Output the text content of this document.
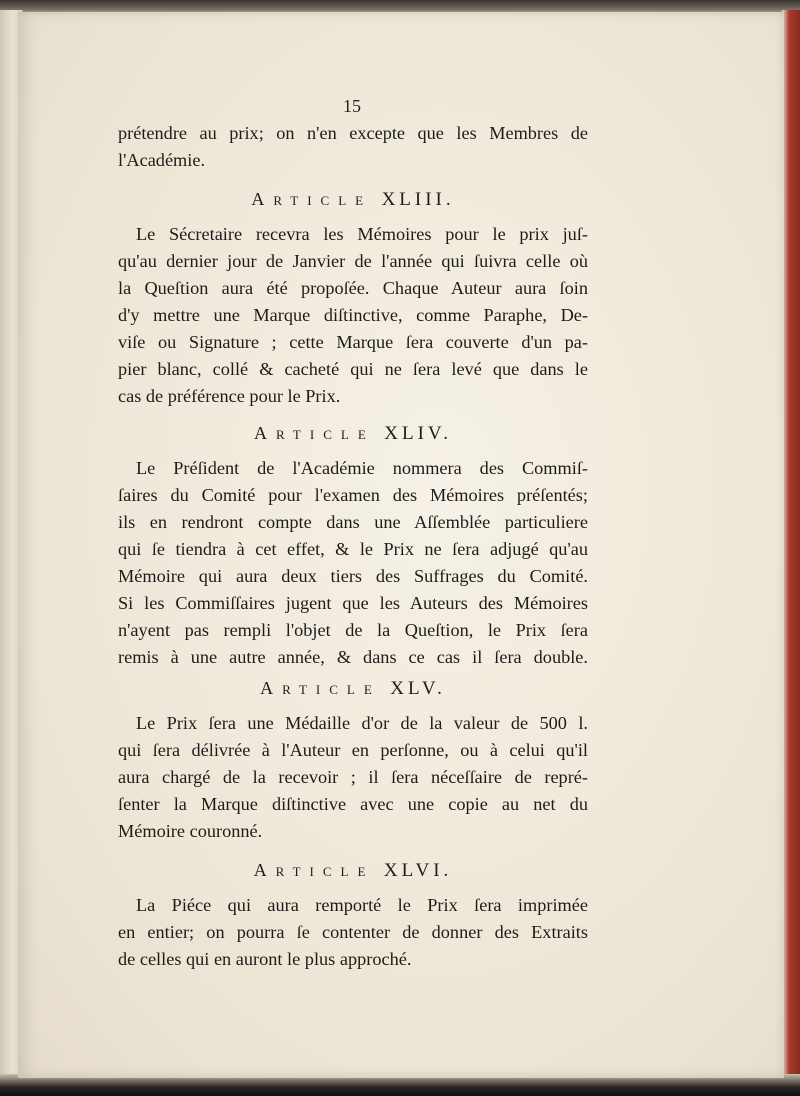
15
prétendre au prix; on n'en excepte que les Membres de
l'Académie.
Article XLIII.
Le Sécretaire recevra les Mémoires pour le prix juſ-
qu'au dernier jour de Janvier de l'année qui ſuivra celle où
la Queſtion aura été propoſée. Chaque Auteur aura ſoin
d'y mettre une Marque diſtinctive, comme Paraphe, De-
viſe ou Signature ; cette Marque ſera couverte d'un pa-
pier blanc, collé & cacheté qui ne ſera levé que dans le
cas de préférence pour le Prix.
Article XLIV.
Le Préſident de l'Académie nommera des Commiſ-
ſaires du Comité pour l'examen des Mémoires préſentés;
ils en rendront compte dans une Aſſemblée particuliere
qui ſe tiendra à cet effet, & le Prix ne ſera adjugé qu'au
Mémoire qui aura deux tiers des Suffrages du Comité.
Si les Commiſſaires jugent que les Auteurs des Mémoires
n'ayent pas rempli l'objet de la Queſtion, le Prix ſera
remis à une autre année, & dans ce cas il ſera double.
Article XLV.
Le Prix ſera une Médaille d'or de la valeur de 500 l.
qui ſera délivrée à l'Auteur en perſonne, ou à celui qu'il
aura chargé de la recevoir ; il ſera néceſſaire de repré-
ſenter la Marque diſtinctive avec une copie au net du
Mémoire couronné.
Article XLVI.
La Piéce qui aura remporté le Prix ſera imprimée
en entier; on pourra ſe contenter de donner des Extraits
de celles qui en auront le plus approché.
